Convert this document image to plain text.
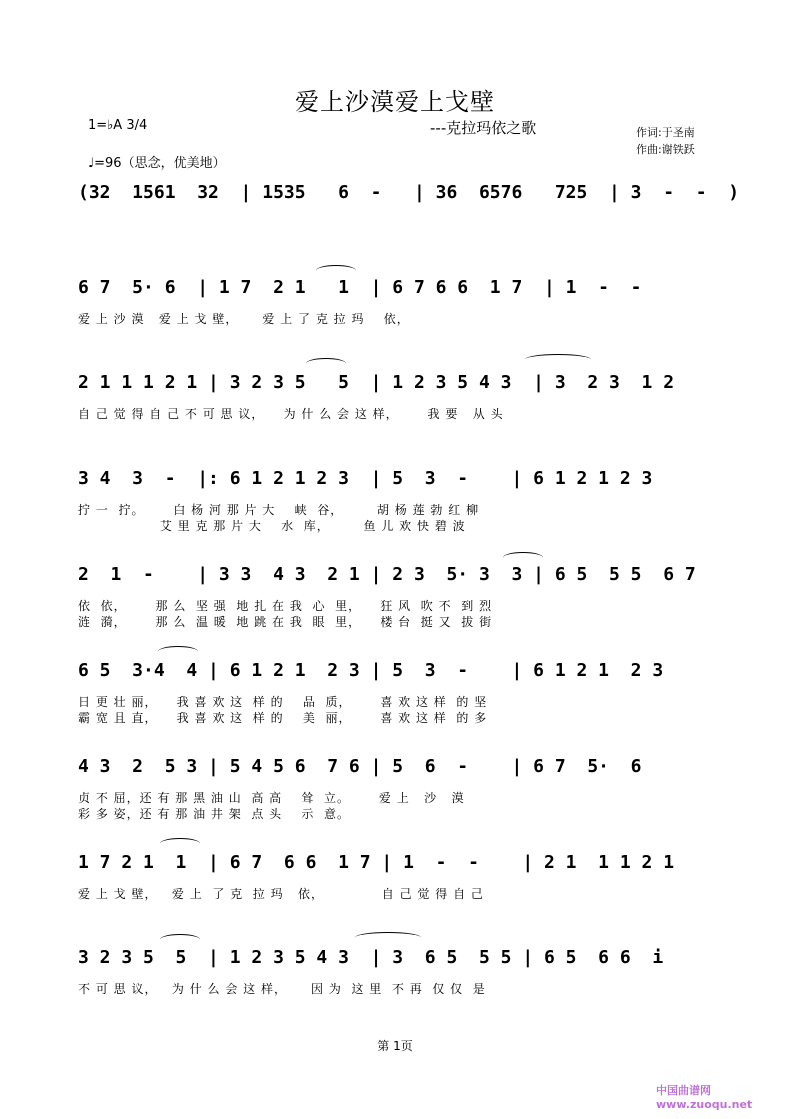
爱上沙漠爱上戈壁
---克拉玛依之歌	作词:于圣南
作曲:谢铁跃
1=♭A 3/4
♩=96（思念，优美地）
(32  1561  32  | 1535   6  -   | 36  6576   725  | 3  -  -  )
6 7  5· 6  | 1 7  2 1   1  | 6 7 6 6  1 7  | 1  -  -
爱 上 沙 漠   爱 上 戈 壁，     爱 上 了 克 拉 玛    依，
2 1 1 1 2 1 | 3 2 3 5   5  | 1 2 3 5 4 3  | 3  2 3  1 2
自 己 觉 得 自 己 不 可 思 议，    为 什 么 会 这 样，      我 要   从 头
3 4  3  -  |: 6 1 2 1 2 3  | 5  3  -    | 6 1 2 1 2 3
拧 一  拧。      白 杨 河 那 片 大    峡  谷，       胡 杨 莲 勃 红 柳
艾 里 克 那 片 大    水  库，       鱼 儿 欢 快 碧 波
2  1  -    | 3 3  4 3  2 1 | 2 3  5· 3  3 | 6 5  5 5  6 7
依  依，      那 么  坚 强  地 扎 在 我  心  里，    狂 风  吹 不  到 烈
涟  漪，      那 么  温 暖  地 跳 在 我  眼  里，    楼 台  挺 又  拔 街
6 5  3·4  4 | 6 1 2 1  2 3 | 5  3  -    | 6 1 2 1  2 3
日 更 壮 丽，    我 喜 欢 这  样 的    品  质，      喜 欢 这 样  的 坚
霸 宽 且 直，    我 喜 欢 这  样 的    美  丽，      喜 欢 这 样  的 多
4 3  2  5 3 | 5 4 5 6  7 6 | 5  6  -    | 6 7  5·  6
贞 不 屈，还 有 那 黑 油 山  高 高    耸  立。      爱 上   沙   漠
彩 多 姿，还 有 那 油 井 架  点 头    示  意。
1 7 2 1  1  | 6 7  6 6  1 7 | 1  -  -    | 2 1  1 1 2 1
爱 上 戈 壁，   爱 上  了 克  拉 玛   依，            自 己 觉 得 自 己
3 2 3 5  5  | 1 2 3 5 4 3  | 3  6 5  5 5 | 6 5  6 6  i
不 可 思 议，   为 什 么 会 这 样，     因 为  这 里  不 再  仅 仅  是
第 1页
中国曲谱网 www.zuoqu.net
